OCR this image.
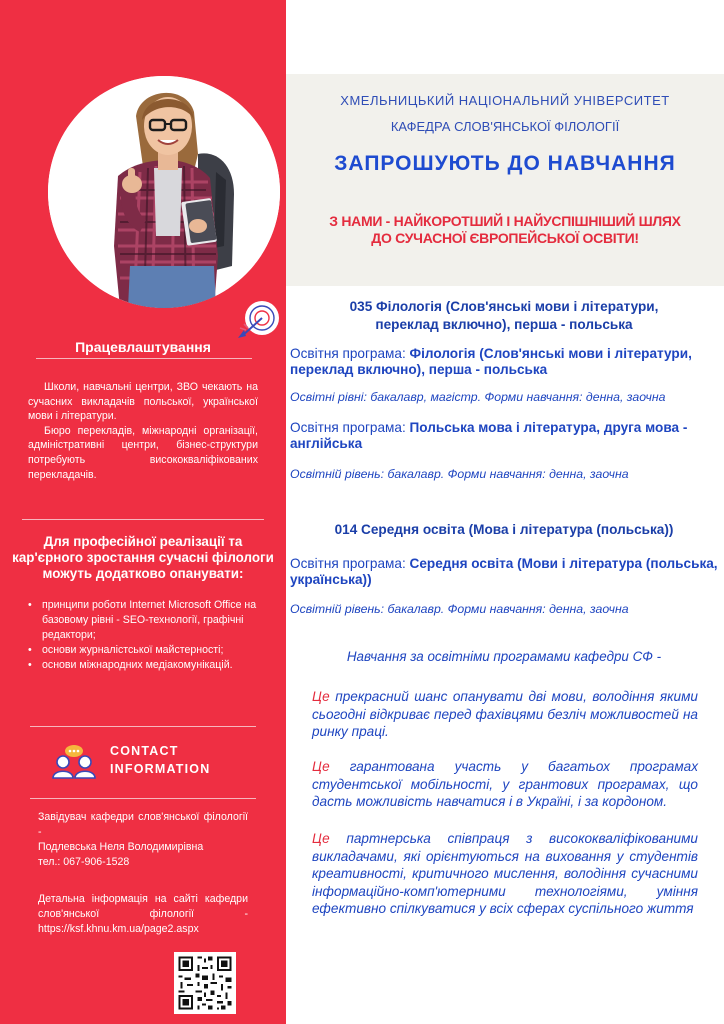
Працевлаштування

Школи, навчальні центри, ЗВО чекають на сучасних викладачів польської, української мови і літератури.

Бюро перекладів, міжнародні організації, адміністративні центри, бізнес-структури потребують висококваліфікованих перекладачів.

Для професійної реалізації та кар'єрного зростання сучасні філологи можуть додатково опанувати:
• принципи роботи Internet Microsoft Office на базовому рівні - SEO-технології, графічні редактори;
• основи журналістської майстерності;
• основи міжнародних медіакомунікацій.
CONTACT
INFORMATION
Завідувач кафедри слов'янської філології -
Подлевська Неля Володимирівна
тел.: 067-906-1528
Детальна інформація на сайті кафедри слов'янської філології - https://ksf.khnu.km.ua/page2.aspx
ХМЕЛЬНИЦЬКИЙ НАЦІОНАЛЬНИЙ УНІВЕРСИТЕТ
КАФЕДРА СЛОВ'ЯНСЬКОЇ ФІЛОЛОГІЇ
ЗАПРОШУЮТЬ ДО НАВЧАННЯ
З НАМИ - НАЙКОРОТШИЙ І НАЙУСПІШНІШИЙ ШЛЯХ
ДО СУЧАСНОЇ ЄВРОПЕЙСЬКОЇ ОСВІТИ!
035 Філологія (Слов'янські мови і літератури,
переклад включно), перша - польська
Освітня програма: Філологія (Слов'янські мови і літератури, переклад включно), перша - польська
Освітні рівні: бакалавр, магістр. Форми навчання: денна, заочна
Освітня програма: Польська мова і література, друга мова - англійська
Освітній рівень: бакалавр. Форми навчання: денна, заочна
014 Середня освіта (Мова і література (польська))
Освітня програма: Середня освіта (Мови і література (польська, українська))
Освітній рівень: бакалавр. Форми навчання: денна, заочна
Навчання за освітніми програмами кафедри СФ -
Це прекрасний шанс опанувати дві мови, володіння якими сьогодні відкриває перед фахівцями безліч можливостей на ринку праці.
Це гарантована участь у багатьох програмах студентської мобільності, у грантових програмах, що дасть можливість навчатися і в Україні, і за кордоном.
Це партнерська співпраця з висококваліфікованими викладачами, які орієнтуються на виховання у студентів креативності, критичного мислення, володіння сучасними інформаційно-комп'ютерними технологіями, уміння ефективно спілкуватися у всіх сферах суспільного життя
